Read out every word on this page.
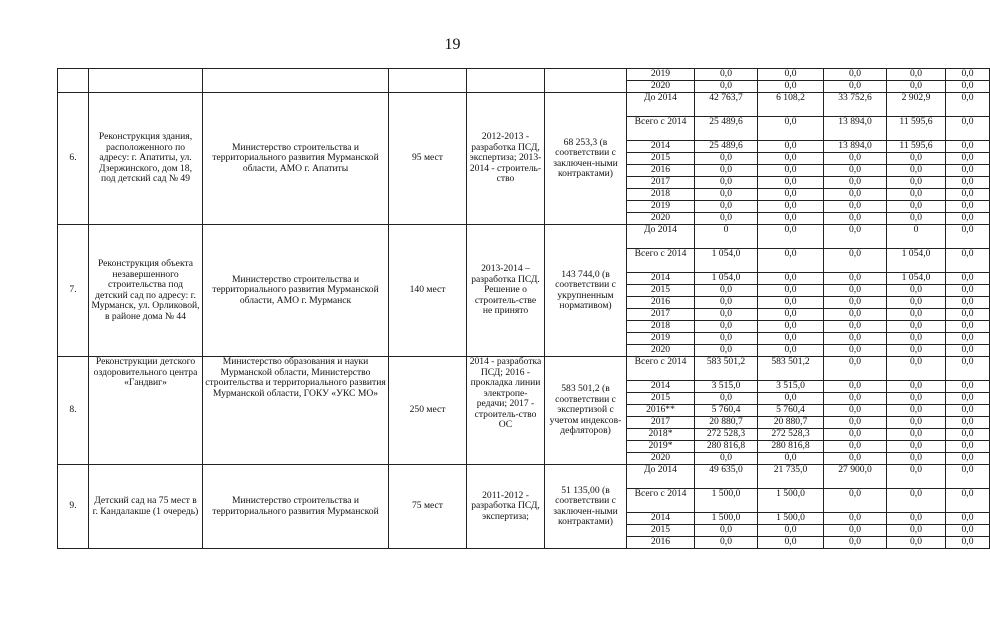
19
						2019	0,0	0,0	0,0	0,0	0,0
						2020	0,0	0,0	0,0	0,0	0,0
6.	Реконструкция здания, расположенного по адресу: г. Апатиты, ул. Дзержинского, дом 18, под детский сад № 49	Министерство строительства и территориального развития Мурманской области, АМО г. Апатиты	95 мест	2012-2013 - разработка ПСД, экспертиза; 2013-2014 - строитель-ство	68 253,3 (в соответствии с заключен-ными контрактами)	До 2014	42 763,7	6 108,2	33 752,6	2 902,9	0,0
						Всего с 2014	25 489,6	0,0	13 894,0	11 595,6	0,0
						2014	25 489,6	0,0	13 894,0	11 595,6	0,0
						2015	0,0	0,0	0,0	0,0	0,0
						2016	0,0	0,0	0,0	0,0	0,0
						2017	0,0	0,0	0,0	0,0	0,0
						2018	0,0	0,0	0,0	0,0	0,0
						2019	0,0	0,0	0,0	0,0	0,0
						2020	0,0	0,0	0,0	0,0	0,0
7.	Реконструкция объекта незавершенного строительства под детский сад по адресу: г. Мурманск, ул. Орликовой, в районе дома № 44	Министерство строительства и территориального развития Мурманской области, АМО г. Мурманск	140 мест	2013-2014 – разработка ПСД. Решение о строитель-стве не принято	143 744,0 (в соответствии с укрупненным нормативом)	До 2014	0	0,0	0,0	0	0,0
						Всего с 2014	1 054,0	0,0	0,0	1 054,0	0,0
						2014	1 054,0	0,0	0,0	1 054,0	0,0
						2015	0,0	0,0	0,0	0,0	0,0
						2016	0,0	0,0	0,0	0,0	0,0
						2017	0,0	0,0	0,0	0,0	0,0
						2018	0,0	0,0	0,0	0,0	0,0
						2019	0,0	0,0	0,0	0,0	0,0
						2020	0,0	0,0	0,0	0,0	0,0
8.	Реконструкции детского оздоровительного центра «Гандвиг»	Министерство образования и науки Мурманской области, Министерство строительства и территориального развития Мурманской области, ГОКУ «УКС МО»	250 мест	2014 - разработка ПСД; 2016 - прокладка линии электропе-редачи; 2017 - строитель-ство ОС	583 501,2 (в соответствии с экспертизой с учетом индексов-дефляторов)	Всего с 2014	583 501,2	583 501,2	0,0	0,0	0,0
						2014	3 515,0	3 515,0	0,0	0,0	0,0
						2015	0,0	0,0	0,0	0,0	0,0
						2016**	5 760,4	5 760,4	0,0	0,0	0,0
						2017	20 880,7	20 880,7	0,0	0,0	0,0
						2018*	272 528,3	272 528,3	0,0	0,0	0,0
						2019*	280 816,8	280 816,8	0,0	0,0	0,0
						2020	0,0	0,0	0,0	0,0	0,0
9.	Детский сад на 75 мест в г. Кандалакше (1 очередь)	Министерство строительства и территориального развития Мурманской	75 мест	2011-2012 - разработка ПСД, экспертиза;	51 135,00 (в соответствии с заключен-ными контрактами)	До 2014	49 635,0	21 735,0	27 900,0	0,0	0,0
						Всего с 2014	1 500,0	1 500,0	0,0	0,0	0,0
						2014	1 500,0	1 500,0	0,0	0,0	0,0
						2015	0,0	0,0	0,0	0,0	0,0
						2016	0,0	0,0	0,0	0,0	0,0
